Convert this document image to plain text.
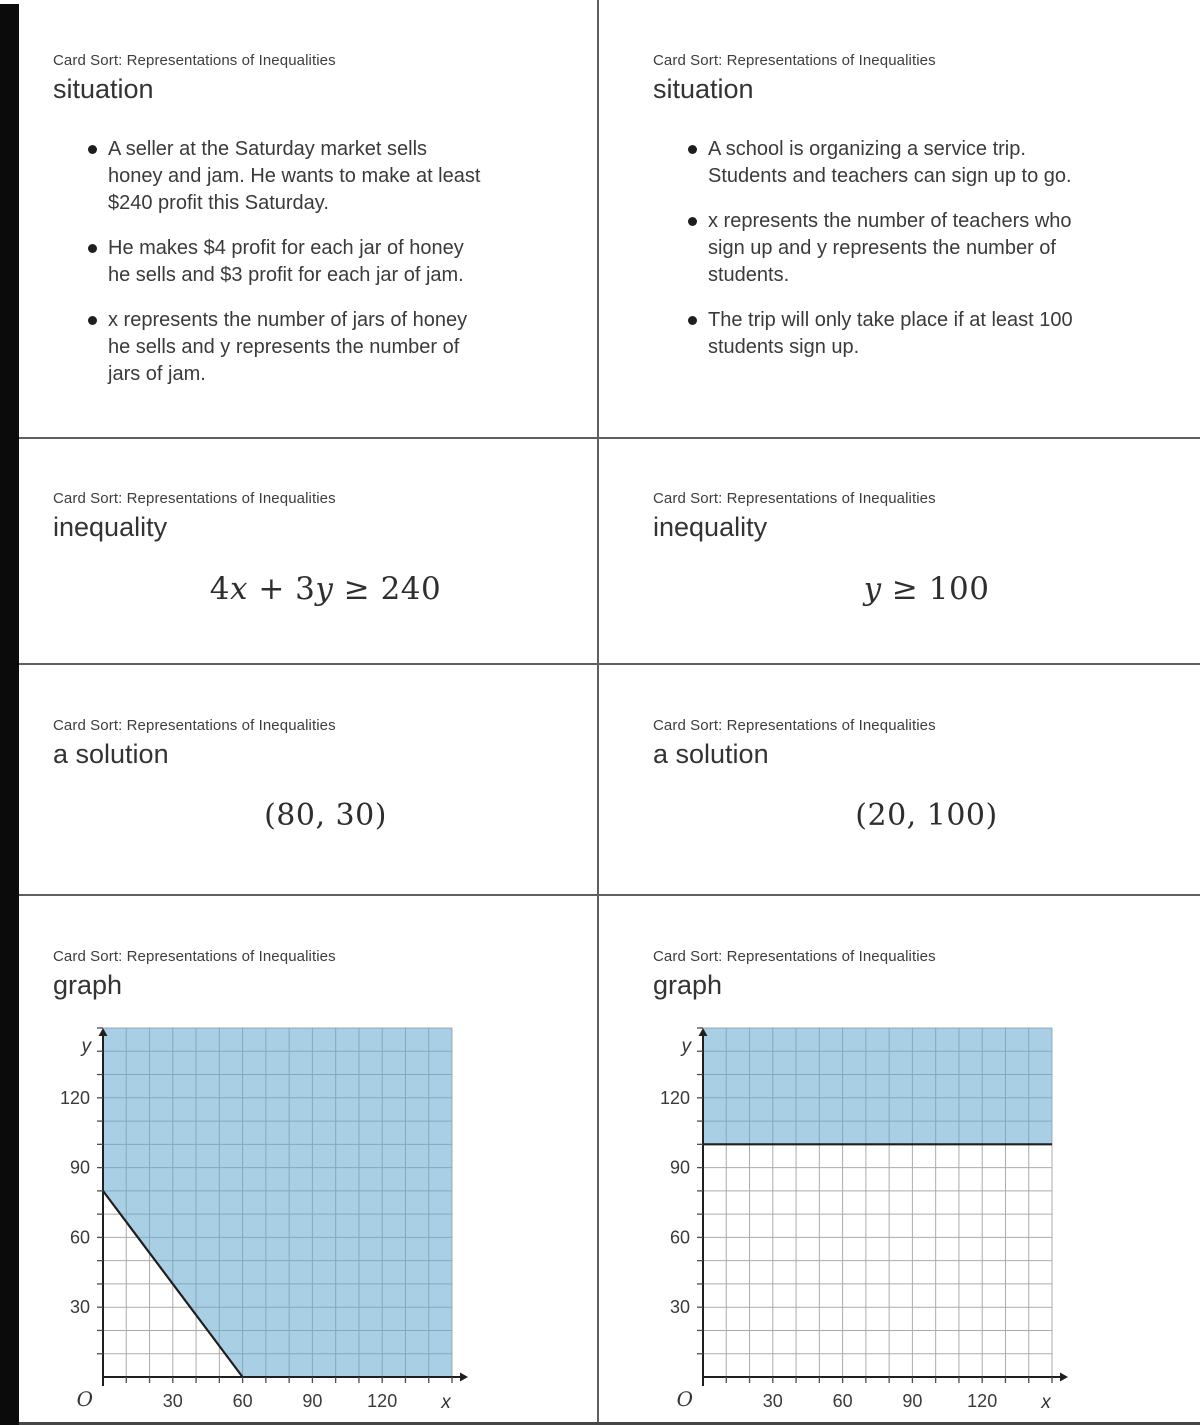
Card Sort: Representations of Inequalities

situation
A seller at the Saturday market sells honey and jam. He wants to make at least $240 profit this Saturday.
He makes $4 profit for each jar of honey he sells and $3 profit for each jar of jam.
x represents the number of jars of honey he sells and y represents the number of jars of jam.

Card Sort: Representations of Inequalities

situation
A school is organizing a service trip. Students and teachers can sign up to go.
x represents the number of teachers who sign up and y represents the number of students.
The trip will only take place if at least 100 students sign up.

Card Sort: Representations of Inequalities

inequality
4x + 3y ≥ 240

Card Sort: Representations of Inequalities

inequality
y ≥ 100

Card Sort: Representations of Inequalities

a solution
(80, 30)

Card Sort: Representations of Inequalities

a solution
(20, 100)

Card Sort: Representations of Inequalities

graph
30	60	90 120
30
60
90
120
x
y
O

Card Sort: Representations of Inequalities

graph
30	60	90 120
30
60
90
120
x
y
O
